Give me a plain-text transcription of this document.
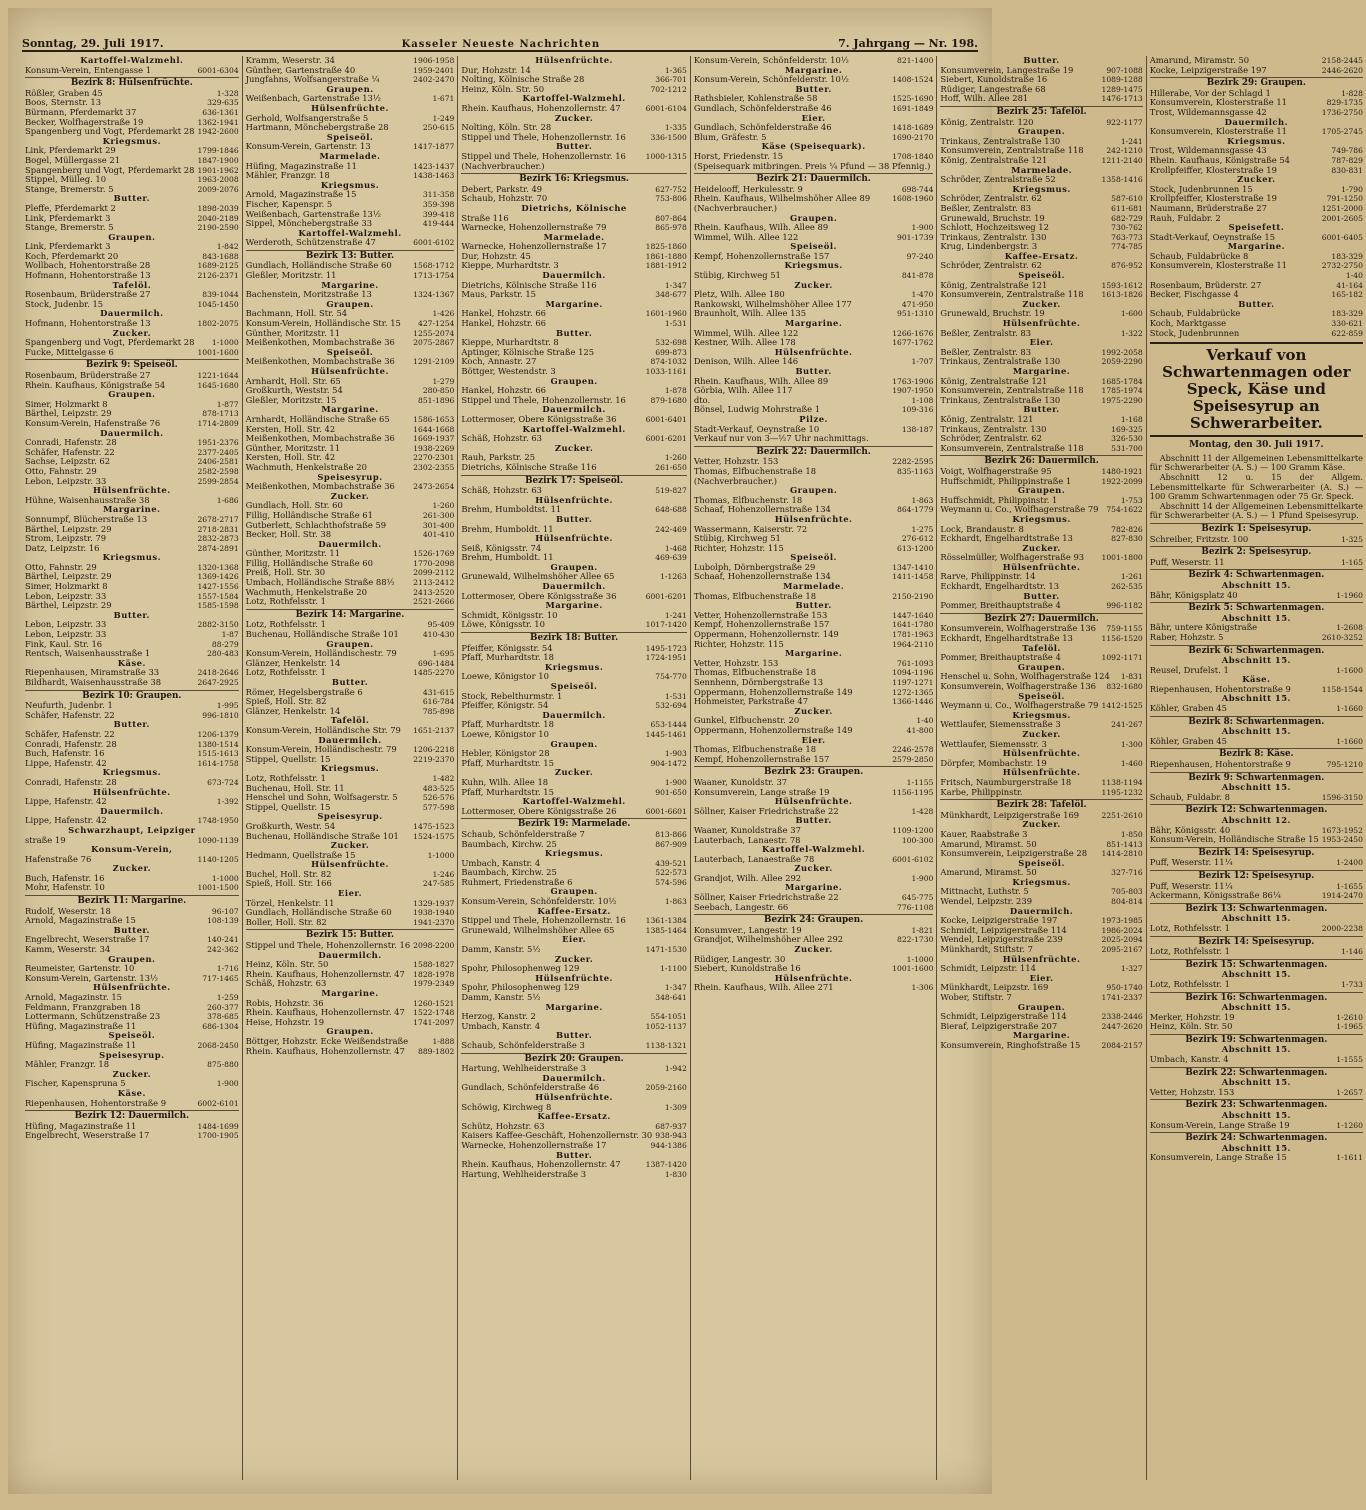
Sonntag, 29. Juli 1917.	Kasseler Neueste Nachrichten	7. Jahrgang — Nr. 198.
Kartoffel-Walzmehl.
Konsum-Verein, Entengasse 1	6001-6304
Bezirk 8: Hülsenfrüchte.
Rößler, Graben 45	1-328
Boos, Sternstr. 13	329-635
Bürmann, Pferdemarkt 37	636-1361
Becker, Wolfhagerstraße 19	1362-1941
Spangenberg und Vogt, Pferdemarkt 28 1942-2600
Kriegsmus.
Link, Pferdemarkt 29	1799-1846
Bogel, Müllergasse 21	1847-1900
Spangenberg und Vogt, Pferdemarkt 28 1901-1962
Stippel, Mülleg. 10	1963-2008
Stange, Bremerstr. 5	2009-2076
Butter.
Pleffe, Pferdemarkt 2	1898-2039
Link, Pferdemarkt 3	2040-2189
Stange, Bremerstr. 5	2190-2590
Graupen.
Link, Pferdemarkt 3	1-842
Koch, Pferdemarkt 20	843-1688
Wollbach, Hohentorstraße 28	1689-2125
Hofmann, Hohentorstraße 13	2126-2371
Tafelöl.
Rosenbaum, Brüderstraße 27	839-1044
Stock, Judenbr. 15	1045-1450
Dauermilch.
Hofmann, Hohentorstraße 13	1802-2075
Zucker.
Spangenberg und Vogt, Pferdemarkt 28	1-1000
Fucke, Mittelgasse 6	1001-1600
Bezirk 9: Speiseöl.
Rosenbaum, Brüderstraße 27	1221-1644
Rhein. Kaufhaus, Königstraße 54	1645-1680
Graupen.
Simer, Holzmarkt 8	1-877
Bärthel, Leipzstr. 29	878-1713
Konsum-Verein, Hafenstraße 76	1714-2809
Dauermilch.
Conradi, Hafenstr. 28	1951-2376
Schäfer, Hafenstr. 22	2377-2405
Sachse, Leipzstr. 62	2406-2581
Otto, Fahnstr. 29	2582-2598
Lebon, Leipzstr. 33	2599-2854
Hülsenfrüchte.
Hühne, Waisenhausstraße 38	1-686
Margarine.
Sonnumpf, Blücherstraße 13	2678-2717
Bärthel, Leipzstr. 29	2718-2831
Strom, Leipzstr. 79	2832-2873
Datz, Leipzstr. 16	2874-2891
Kriegsmus.
Otto, Fahnstr. 29	1320-1368
Bärthel, Leipzstr. 29	1369-1426
Simer, Holzmarkt 8	1427-1556
Lebon, Leipzstr. 33	1557-1584
Bärthel, Leipzstr. 29	1585-1598
Butter.
Lebon, Leipzstr. 33	2882-3150
Lebon, Leipzstr. 33	1-87
Fink, Kaul. Str. 16	88-279
Rentsch, Waisenhausstraße 1	280-483
Käse.
Riepenhausen, Miramstraße 33	2418-2646
Bildhardt, Waisenhausstraße 38	2647-2925
Bezirk 10: Graupen.
Neufurth, Judenbr. 1	1-995
Schäfer, Hafenstr. 22	996-1810
Butter.
Schäfer, Hafenstr. 22	1206-1379
Conradi, Hafenstr. 28	1380-1514
Buch, Hafenstr. 16	1515-1613
Lippe, Hafenstr. 42	1614-1758
Kriegsmus.
Conradi, Hafenstr. 28	673-724
Hülsenfrüchte.
Lippe, Hafenstr. 42	1-392
Dauermilch.
Lippe, Hafenstr. 42	1748-1950
Schwarzhaupt, Leipziger
straße 19	1090-1139
Konsum-Verein,
Hafenstraße 76	1140-1205
Zucker.
Buch, Hafenstr. 16	1-1000
Mohr, Hafenstr. 10	1001-1500
Bezirk 11: Margarine.
Rudolf, Weserstr. 18	96-107
Arnold, Magazinstraße 15	108-139
Butter.
Engelbrecht, Weserstraße 17	140-241
Kamm, Weserstr. 34	242-362
Graupen.
Reumeister, Gartenstr. 10	1-716
Konsum-Verein, Gartenstr. 13½	717-1465
Hülsenfrüchte.
Arnold, Magazinstr. 15	1-259
Feldmann, Franzgraben 18	260-377
Lottermann, Schützenstraße 23	378-685
Hüfing, Magazinstraße 11	686-1304
Speiseöl.
Hüfing, Magazinstraße 11	2068-2450
Speisesyrup.
Mähler, Franzgr. 18	875-880
Zucker.
Fischer, Kapenspruna 5	1-900
Käse.
Riepenhausen, Hohentorstraße 9	6002-6101
Bezirk 12: Dauermilch.
Hüfing, Magazinstraße 11	1484-1699
Engelbrecht, Weserstraße 17	1700-1905
Kramm, Weserstr. 34	1906-1958
Günther, Gartenstraße 40	1959-2401
Jungfahns, Wolfsangerstraße ¼	2402-2470
Graupen.
Weißenbach, Gartenstraße 13½	1-671
Hülsenfrüchte.
Gerhold, Wolfsangerstraße 5	1-249
Hartmann, Mönchebergstraße 28	250-615
Speiseöl.
Konsum-Verein, Gartenstr. 13	1417-1877
Marmelade.
Hüfing, Magazinstraße 11	1423-1437
Mähler, Franzgr. 18	1438-1463
Kriegsmus.
Arnold, Magazinstraße 15	311-358
Fischer, Kapenspr. 5	359-398
Weißenbach, Gartenstraße 13½	399-418
Sippel, Mönchebergstraße 33	419-444
Kartoffel-Walzmehl.
Werderoth, Schützenstraße 47	6001-6102
Bezirk 13: Butter.
Gundlach, Holländische Straße 60	1568-1712
Gleßler, Moritzstr. 11	1713-1754
Margarine.
Bachenstein, Moritzstraße 13	1324-1367
Graupen.
Bachmann, Holl. Str. 54	1-426
Konsum-Verein, Holländische Str. 15	427-1254
Günther, Moritzstr. 11	1255-2074
Meißenkothen, Mombachstraße 36	2075-2867
Speiseöl.
Meißenkothen, Mombachstraße 36	1291-2109
Hülsenfrüchte.
Arnhardt, Holl. Str. 65	1-279
Großkurth, Weststr. 54	280-850
Gleßler, Moritzstr. 15	851-1896
Margarine.
Arnhardt, Holländische Straße 65	1586-1653
Kersten, Holl. Str. 42	1644-1668
Meißenkothen, Mombachstraße 36	1669-1937
Günther, Moritzstr. 11	1938-2269
Kersten, Holl. Str. 42	2270-2301
Wachmuth, Henkelstraße 20	2302-2355
Speisesyrup.
Meißenkothen, Mombachstraße 36	2473-2654
Zucker.
Gundlach, Holl. Str. 60	1-260
Fillig, Holländische Straße 61	261-300
Gutberlett, Schlachthofstraße 59	301-400
Becker, Holl. Str. 38	401-410
Dauermilch.
Günther, Moritzstr. 11	1526-1769
Fillig, Holländische Straße 60	1770-2098
Preiß, Holl. Str. 30	2099-2112
Umbach, Holländische Straße 88½	2113-2412
Wachmuth, Henkelstraße 20	2413-2520
Lotz, Rothfelsstr. 1	2521-2666
Bezirk 14: Margarine.
Lotz, Rothfelsstr. 1	95-409
Buchenau, Holländische Straße 101	410-430
Graupen.
Konsum-Verein, Holländischestr. 79	1-695
Glänzer, Henkelstr. 14	696-1484
Lotz, Rothfelsstr. 1	1485-2270
Butter.
Römer, Hegelsbergstraße 6	431-615
Spieß, Holl. Str. 82	616-784
Glänzer, Henkelstr. 14	785-898
Tafelöl.
Konsum-Verein, Holländische Str. 79	1651-2137
Dauermilch.
Konsum-Verein, Holländischestr. 79	1206-2218
Stippel, Quellstr. 15	2219-2370
Kriegsmus.
Lotz, Rothfelsstr. 1	1-482
Buchenau, Holl. Str. 11	483-525
Henschel und Sohn, Wolfsagerstr. 5	526-576
Stippel, Quellstr. 15	577-598
Speisesyrup.
Großkurth, Westr. 54	1475-1523
Buchenau, Holländische Straße 101	1524-1575
Zucker.
Hedmann, Quellstraße 15	1-1000
Hülsenfrüchte.
Buchel, Holl. Str. 82	1-246
Spieß, Holl. Str. 166	247-585
Eier.
Törzel, Henkelstr. 11	1329-1937
Gundlach, Holländische Straße 60	1938-1940
Boller, Holl. Str. 82	1941-2370
Bezirk 15: Butter.
Stippel und Thele, Hohenzollernstr. 16 2098-2200
Dauermilch.
Heinz, Köln. Str. 50	1588-1827
Rhein. Kaufhaus, Hohenzollernstr. 47	1828-1978
Schäß, Hohzstr. 63	1979-2349
Margarine.
Robis, Hohzstr. 36	1260-1521
Rhein. Kaufhaus, Hohenzollernstr. 47	1522-1748
Heise, Hohzstr. 19	1741-2097
Graupen.
Böttger, Hohzstr. Ecke Weißendstraße	1-888
Rhein. Kaufhaus, Hohenzollernstr. 47	889-1802
Hülsenfrüchte.
Dur, Hohzstr. 14	1-365
Nolting, Kölnische Straße 28	366-701
Heinz, Köln. Str. 50	702-1212
Kartoffel-Walzmehl.
Rhein. Kaufhaus, Hohenzollernstr. 47	6001-6104
Zucker.
Nolting, Köln. Str. 28	1-335
Stippel und Thele, Hohenzollernstr. 16	336-1500
Butter.
Stippel und Thele, Hohenzollernstr. 16	1000-1315
(Nachverbraucher.)
Bezirk 16: Kriegsmus.
Debert, Parkstr. 49	627-752
Schaub, Hohzstr. 70	753-806
Dietrichs, Kölnische
Straße 116	807-864
Warnecke, Hohenzollernstraße 79	865-978
Marmelade.
Warnecke, Hohenzollernstraße 17	1825-1860
Dur, Hohzstr. 45	1861-1880
Kieppe, Murhardtstr. 3	1881-1912
Dauermilch.
Dietrichs, Kölnische Straße 116	1-347
Maus, Parkstr. 15	348-677
Margarine.
Hankel, Hohzstr. 66	1601-1960
Hankel, Hohzstr. 66	1-531
Butter.
Kieppe, Murhardtstr. 8	532-698
Aptinger, Kölnische Straße 125	699-873
Koch, Annastr. 27	874-1032
Böttger, Westendstr. 3	1033-1161
Graupen.
Hankel, Hohzstr. 66	1-878
Stippel und Thele, Hohenzollernstr. 16	879-1680
Dauermilch.
Lottermoser, Obere Königsstraße 36	6001-6401
Kartoffel-Walzmehl.
Schäß, Hohzstr. 63	6001-6201
Zucker.
Rauh, Parkstr. 25	1-260
Dietrichs, Kölnische Straße 116	261-650
Bezirk 17: Speiseöl.
Schäß, Hohzstr. 63	519-827
Hülsenfrüchte.
Brehm, Humboldtst. 11	648-688
Butter.
Brehm, Humboldt. 11	242-469
Hülsenfrüchte.
Seiß, Königsstr. 74	1-468
Brehm, Humboldt. 11	469-639
Graupen.
Grunewald, Wilhelmshöher Allee 65	1-1263
Dauermilch.
Lottermoser, Obere Königsstraße 36	6001-6201
Margarine.
Schmidt, Königsstr. 10	1-241
Löwe, Königsstr. 10	1017-1420
Bezirk 18: Butter.
Pfeiffer, Königsstr. 54	1495-1723
Pfaff, Murhardtstr. 18	1724-1951
Kriegsmus.
Loewe, Königstor 10	754-770
Speiseöl.
Stock, Rebelthurmstr. 1	1-531
Pfeiffer, Königstr. 54	532-694
Dauermilch.
Pfaff, Murhardtstr. 18	653-1444
Loewe, Königstor 10	1445-1461
Graupen.
Hebler, Königstor 28	1-903
Pfaff, Murhardtstr. 15	904-1472
Zucker.
Kuhn, Wilh. Allee 18	1-900
Pfaff, Murhardtstr. 15	901-650
Kartoffel-Walzmehl.
Lottermoser, Obere Königsstraße 26	6001-6601
Bezirk 19: Marmelade.
Schaub, Schönfelderstraße 7	813-866
Baumbach, Kirchw. 25	867-909
Kriegsmus.
Umbach, Kanstr. 4	439-521
Baumbach, Kirchw. 25	522-573
Ruhmert, Friedenstraße 6	574-596
Graupen.
Konsum-Verein, Schönfelderstr. 10½	1-863
Kaffee-Ersatz.
Stippel und Thele, Hohenzollernstr. 16	1361-1384
Grunewald, Wilhelmshöher Allee 65	1385-1464
Eier.
Damm, Kanstr. 5½	1471-1530
Zucker.
Spohr, Philosophenweg 129	1-1100
Hülsenfrüchte.
Spohr, Philosophenweg 129	1-347
Damm, Kanstr. 5½	348-641
Margarine.
Herzog, Kanstr. 2	554-1051
Umbach, Kanstr. 4	1052-1137
Butter.
Schaub, Schönfelderstraße 3	1138-1321
Bezirk 20: Graupen.
Hartung, Wehlheiderstraße 3	1-942
Dauermilch.
Gundlach, Schönfelderstraße 46	2059-2160
Hülsenfrüchte.
Schöwig, Kirchweg 8	1-309
Kaffee-Ersatz.
Schütz, Hohzstr. 63	687-937
Kaisers Kaffee-Geschäft, Hohenzollernstr. 30 938-943
Warnecke, Hohenzollernstraße 17	944-1386
Butter.
Rhein. Kaufhaus, Hohenzollernstr. 47	1387-1420
Hartung, Wehlheiderstraße 3	1-830
Konsum-Verein, Schönfelderstr. 10½	821-1400
Margarine.
Konsum-Verein, Schönfelderstr. 10½	1408-1524
Butter.
Rathsbieler, Kohlenstraße 58	1525-1690
Gundlach, Schönfelderstraße 46	1691-1849
Eier.
Gundlach, Schönfelderstraße 46	1418-1689
Blum, Gräfestr. 5	1690-2170
Käse (Speisequark).
Horst, Friedenstr. 15	1708-1840
(Speisequark mitbringen. Preis ¼ Pfund — 38 Pfennig.)
Bezirk 21: Dauermilch.
Heidelooff, Herkulesstr. 9	698-744
Rhein. Kaufhaus, Wilhelmshöher Allee 89	1608-1960
(Nachverbraucher.)
Graupen.
Rhein. Kaufhaus, Wilh. Allee 89	1-900
Wimmel, Wilh. Allee 122	901-1739
Speiseöl.
Kempf, Hohenzollernstraße 157	97-240
Kriegsmus.
Stübig, Kirchweg 51	841-878
Zucker.
Pletz, Wilh. Allee 180	1-470
Rankowski, Wilhelmshöher Allee 177	471-950
Braunholt, Wilh. Allee 135	951-1310
Margarine.
Wimmel, Wilh. Allee 122	1266-1676
Kestner, Wilh. Allee 178	1677-1762
Hülsenfrüchte.
Denison, Wilh. Allee 146	1-707
Butter.
Rhein. Kaufhaus, Wilh. Allee 89	1763-1906
Görbia, Wilh. Allee 117	1907-1950
dto.	1-108
Bönsel, Ludwig Mohrstraße 1	109-316
Pilze.
Stadt-Verkauf, Oeynstraße 10	138-187
Verkauf nur von 3—½7 Uhr nachmittags.
Bezirk 22: Dauermilch.
Vetter, Hohzstr. 153	2282-2595
Thomas, Elfbuchenstraße 18	835-1163
(Nachverbraucher.)
Graupen.
Thomas, Elfbuchenstr. 18	1-863
Schaaf, Hohenzollernstraße 134	864-1779
Hülsenfrüchte.
Wassermann, Kaiserstr. 72	1-275
Stübig, Kirchweg 51	276-612
Richter, Hohzstr. 115	613-1200
Speiseöl.
Lubolph, Dörnbergstraße 29	1347-1410
Schaaf, Hohenzollernstraße 134	1411-1458
Marmelade.
Thomas, Elfbuchenstraße 18	2150-2190
Butter.
Vetter, Hohenzollernstraße 153	1447-1640
Kempf, Hohenzollernstraße 157	1641-1780
Oppermann, Hohenzollernstr. 149	1781-1963
Richter, Hohzstr. 115	1964-2110
Margarine.
Vetter, Hohzstr. 153	761-1093
Thomas, Elfbuchenstraße 18	1094-1196
Sennhenn, Dörnbergstraße 13	1197-1271
Oppermann, Hohenzollernstraße 149	1272-1365
Hohmeister, Parkstraße 47	1366-1446
Zucker.
Gunkel, Elfbuchenstr. 20	1-40
Oppermann, Hohenzollernstraße 149	41-800
Eier.
Thomas, Elfbuchenstraße 18	2246-2578
Kempf, Hohenzollernstraße 157	2579-2850
Bezirk 23: Graupen.
Waaner, Kunoldstr. 37	1-1155
Konsumverein, Lange straße 19	1156-1195
Hülsenfrüchte.
Söllner, Kaiser Friedrichstraße 22	1-428
Butter.
Waaner, Kunoldstraße 37	1109-1200
Lauterbach, Lanaestr. 78	100-300
Kartoffel-Walzmehl.
Lauterbach, Lanaestraße 78	6001-6102
Zucker.
Grandjot, Wilh. Allee 292	1-900
Margarine.
Söllner, Kaiser Friedrichstraße 22	645-775
Seebach, Langestr. 66	776-1108
Bezirk 24: Graupen.
Konsumver., Langestr. 19	1-821
Grandjot, Wilhelmshöher Allee 292	822-1730
Zucker.
Rüdiger, Langestr. 30	1-1000
Siebert, Kunoldstraße 16	1001-1600
Hülsenfrüchte.
Rhein. Kaufhaus, Wilh. Allee 271	1-306
Butter.
Konsumverein, Langestraße 19	907-1088
Siebert, Kunoldstraße 16	1089-1288
Rüdiger, Langestraße 68	1289-1475
Hoff, Wilh. Allee 281	1476-1713
Bezirk 25: Tafelöl.
König, Zentralstr. 120	922-1177
Graupen.
Trinkaus, Zentralstraße 130	1-241
Konsumverein, Zentralstraße 118	242-1210
König, Zentralstraße 121	1211-2140
Marmelade.
Schröder, Zentralstraße 52	1358-1416
Kriegsmus.
Schröder, Zentralstr. 62	587-610
Beßler, Zentralstr. 83	611-681
Grunewald, Bruchstr. 19	682-729
Schlott, Hochzeitsweg 12	730-762
Trinkaus, Zentralstr. 130	763-773
Krug, Lindenbergstr. 3	774-785
Kaffee-Ersatz.
Schröder, Zentralstr. 62	876-952
Speiseöl.
König, Zentralstraße 121	1593-1612
Konsumverein, Zentralstraße 118	1613-1826
Zucker.
Grunewald, Bruchstr. 19	1-600
Hülsenfrüchte.
Beßler, Zentralstr. 83	1-322
Eier.
Beßler, Zentralstr. 83	1992-2058
Trinkaus, Zentralstraße 130	2059-2290
Margarine.
König, Zentralstraße 121	1685-1784
Konsumverein, Zentralstraße 118	1785-1974
Trinkaus, Zentralstraße 130	1975-2290
Butter.
König, Zentralstr. 121	1-168
Trinkaus, Zentralstr. 130	169-325
Schröder, Zentralstr. 62	326-530
Konsumverein, Zentralstraße 118	531-700
Bezirk 26: Dauermilch.
Voigt, Wolfhagerstraße 95	1480-1921
Huffschmidt, Philippinstraße 1	1922-2099
Graupen.
Huffschmidt, Philippinstr. 1	1-753
Weymann u. Co., Wolfhagerstraße 79	754-1622
Kriegsmus.
Lock, Brandaustr. 8	782-826
Eckhardt, Engelhardtstraße 13	827-830
Zucker.
Rösselmüller, Wolfhagerstraße 93	1001-1800
Hülsenfrüchte.
Rarve, Philippinstr. 14	1-261
Eckhardt, Engelhardtstr. 13	262-535
Butter.
Pommer, Breithauptstraße 4	996-1182
Bezirk 27: Dauermilch.
Konsumverein, Wolfhagerstraße 136	759-1155
Eckhardt, Engelhardtstraße 13	1156-1520
Tafelöl.
Pommer, Breithauptstraße 4	1092-1171
Graupen.
Henschel u. Sohn, Wolfhagerstraße 124	1-831
Konsumverein, Wolfhagerstraße 136	832-1680
Speiseöl.
Weymann u. Co., Wolfhagerstraße 79 1412-1525
Kriegsmus.
Wettlaufer, Siemensstraße 3	241-267
Zucker.
Wettlaufer, Siemensstr. 3	1-300
Hülsenfrüchte.
Dörpfer, Mombachstr. 19	1-460
Hülsenfrüchte.
Fritsch, Naumburgerstraße 18	1138-1194
Karbe, Philippinstr.	1195-1232
Bezirk 28: Tafelöl.
Münkhardt, Leipzigerstraße 169	2251-2610
Zucker.
Kauer, Raabstraße 3	1-850
Amarund, Miramst. 50	851-1413
Konsumverein, Leipzigerstraße 28	1414-2810
Speiseöl.
Amarund, Miramst. 50	327-716
Kriegsmus.
Mittnacht, Luthstr. 5	705-803
Wendel, Leipzstr. 239	804-814
Dauermilch.
Kocke, Leipzigerstraße 197	1973-1985
Schmidt, Leipzigerstraße 114	1986-2024
Wendel, Leipzigerstraße 239	2025-2094
Münkhardt, Stiftstr. 7	2095-2167
Hülsenfrüchte.
Schmidt, Leipzstr. 114	1-327
Eier.
Münkhardt, Leipzstr. 169	950-1740
Wober, Stiftstr. 7	1741-2337
Graupen.
Schmidt, Leipzigerstraße 114	2338-2446
Bieraf, Leipzigerstraße 207	2447-2620
Margarine.
Konsumverein, Ringhofstraße 15	2084-2157
Amarund, Miramstr. 50	2158-2445
Kocke, Leipzigerstraße 197	2446-2620
Bezirk 29: Graupen.
Hillerabe, Vor der Schlagd 1	1-828
Konsumverein, Klosterstraße 11	829-1735
Trost, Wildemannsgasse 42	1736-2750
Dauermilch.
Konsumverein, Klosterstraße 11	1705-2745
Kriegsmus.
Trost, Wildemannsgasse 43	749-786
Rhein. Kaufhaus, Königstraße 54	787-829
Krollpfeiffer, Klosterstraße 19	830-831
Zucker.
Stock, Judenbrunnen 15	1-790
Krollpfeiffer, Klosterstraße 19	791-1250
Naumann, Brüderstraße 27	1251-2000
Rauh, Fuldabr. 2	2001-2605
Speisefett.
Stadt-Verkauf, Oeynstraße 15	6001-6405
Margarine.
Schaub, Fuldabrücke 8	183-329
Konsumverein, Klosterstraße 11	2732-2750
1-40
Rosenbaum, Brüderstr. 27	41-164
Becker, Fischgasse 4	165-182
Butter.
Schaub, Fuldabrücke	183-329
Koch, Marktgasse	330-621
Stock, Judenbrunnen	622-859
Verkauf von Schwartenmagen oder Speck, Käse und Speisesyrup an Schwerarbeiter.
Montag, den 30. Juli 1917.
Abschnitt 11 der Allgemeinen Lebensmittelkarte für Schwerarbeiter (A. S.) — 100 Gramm Käse.
Abschnitt 12 u. 15 der Allgem. Lebensmittelkarte für Schwerarbeiter (A. S.) — 100 Gramm Schwartenmagen oder 75 Gr. Speck.
Abschnitt 14 der Allgemeinen Lebensmittelkarte für Schwerarbeiter (A. S.) — 1 Pfund Speisesyrup.
Bezirk 1: Speisesyrup.
Schreiber, Fritzstr. 100	1-325
Bezirk 2: Speisesyrup.
Puff, Weserstr. 11	1-165
Bezirk 4: Schwartenmagen.
Abschnitt 15.
Bähr, Königsplatz 40	1-1960
Bezirk 5: Schwartenmagen.
Abschnitt 15.
Bähr, untere Königstraße	1-2608
Raber, Hohzstr. 5	2610-3252
Bezirk 6: Schwartenmagen.
Abschnitt 15.
Reusel, Drufelst. 1	1-1600
Käse.
Riepenhausen, Hohentorstraße 9	1158-1544
Abschnitt 15.
Köhler, Graben 45	1-1660
Bezirk 8: Schwartenmagen.
Abschnitt 15.
Köhler, Graben 45	1-1660
Bezirk 8: Käse.
Riepenhausen, Hohentorstraße 9	795-1210
Bezirk 9: Schwartenmagen.
Abschnitt 15.
Schaub, Fuldabr. 8	1596-3150
Bezirk 12: Schwartenmagen.
Abschnitt 12.
Bähr, Königsstr. 40	1673-1952
Konsum-Verein, Holländische Straße 15 1953-2450
Bezirk 14: Speisesyrup.
Puff, Weserstr. 11¼	1-2400
Bezirk 12: Speisesyrup.
Puff, Weserstr. 11¼	1-1655
Ackermann, Königsstraße 86¼	1914-2470
Bezirk 13: Schwartenmagen.
Abschnitt 15.
Lotz, Rothfelsstr. 1	2000-2238
Bezirk 14: Speisesyrup.
Lotz, Rothfelsstr. 1	1-146
Bezirk 15: Schwartenmagen.
Abschnitt 15.
Lotz, Rothfelsstr. 1	1-733
Bezirk 16: Schwartenmagen.
Abschnitt 15.
Merker, Hohzstr. 19	1-2610
Heinz, Köln. Str. 50	1-1965
Bezirk 19: Schwartenmagen.
Abschnitt 15.
Umbach, Kanstr. 4	1-1555
Bezirk 22: Schwartenmagen.
Abschnitt 15.
Vetter, Hohzstr. 153	1-2657
Bezirk 23: Schwartenmagen.
Abschnitt 15.
Konsum-Verein, Lange Straße 19	1-1260
Bezirk 24: Schwartenmagen.
Abschnitt 15.
Konsumverein, Lange Straße 15	1-1611
